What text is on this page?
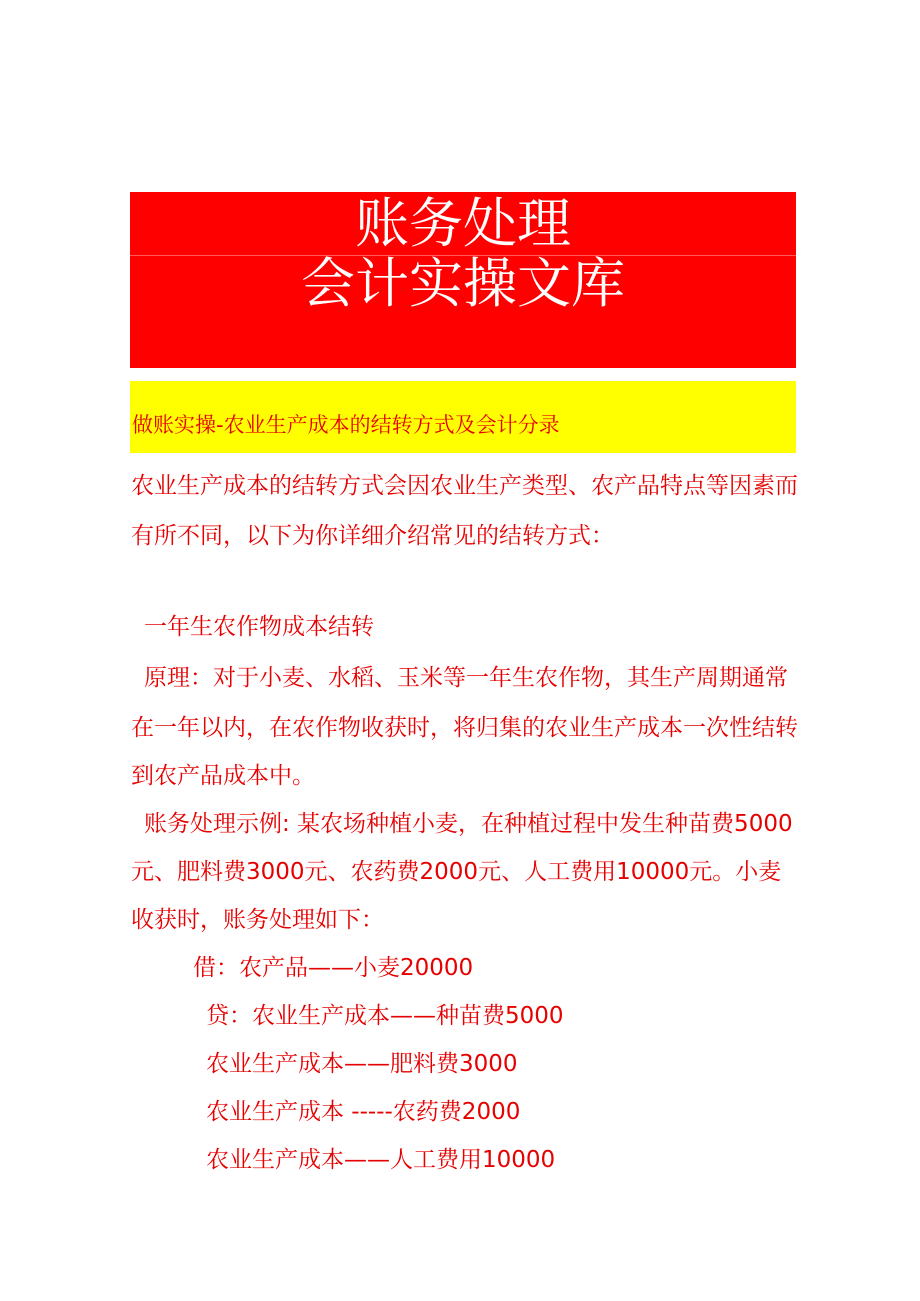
账务处理
会计实操文库
做账实操-农业生产成本的结转方式及会计分录
农业生产成本的结转方式会因农业生产类型、农产品特点等因素而
有所不同，以下为你详细介绍常见的结转方式：
一年生农作物成本结转
原理：对于小麦、水稻、玉米等一年生农作物，其生产周期通常
在一年以内，在农作物收获时，将归集的农业生产成本一次性结转
到农产品成本中。
账务处理示例: 某农场种植小麦，在种植过程中发生种苗费5000
元、肥料费3000元、农药费2000元、人工费用10000元。小麦
收获时，账务处理如下：
借：农产品——小麦20000
贷：农业生产成本——种苗费5000
农业生产成本——肥料费3000
农业生产成本 -----农药费2000
农业生产成本——人工费用10000
